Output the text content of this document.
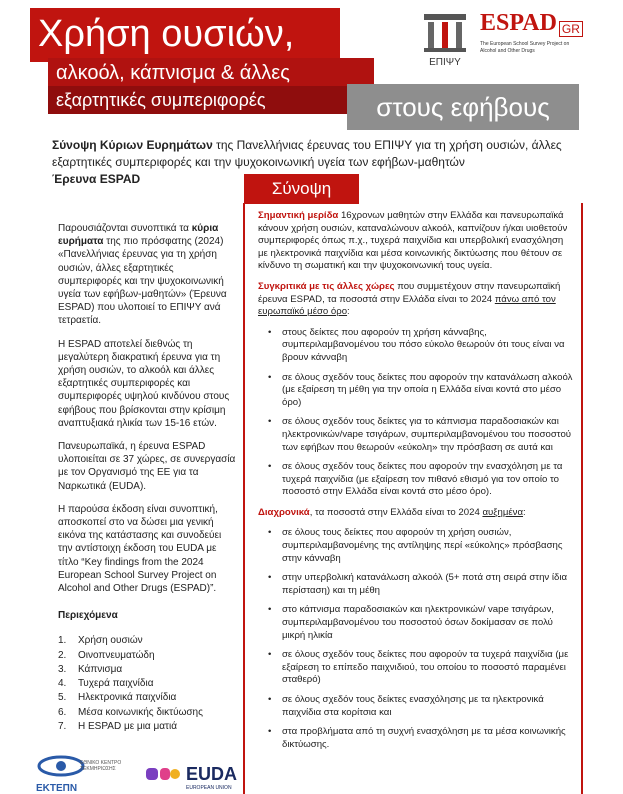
Χρήση ουσιών,
αλκοόλ, κάπνισμα & άλλες
εξαρτητικές συμπεριφορές	στους εφήβους
ΕΠΙΨΥ
ESPAD GR
The European School Survey Project on Alcohol and Other Drugs
Σύνοψη Κύριων Ευρημάτων της Πανελλήνιας έρευνας του ΕΠΙΨΥ για τη χρήση ουσιών, άλλες εξαρτητικές συμπεριφορές και την ψυχοκοινωνική υγεία των εφήβων-μαθητών
Έρευνα ESPAD	Σύνοψη

Παρουσιάζονται συνοπτικά τα κύρια ευρήματα της πιο πρόσφατης (2024) «Πανελλήνιας έρευνας για τη χρήση ουσιών, άλλες εξαρτητικές συμπεριφορές και την ψυχοκοινωνική υγεία των εφήβων-μαθητών» (Έρευνα ESPAD) που υλοποιεί το ΕΠΙΨΥ ανά τετραετία.

Η ESPAD αποτελεί διεθνώς τη μεγαλύτερη διακρατική έρευνα για τη χρήση ουσιών, το αλκοόλ και άλλες εξαρτητικές συμπεριφορές και συμπεριφορές υψηλού κινδύνου στους εφήβους που βρίσκονται στην κρίσιμη αναπτυξιακά ηλικία των 15-16 ετών.

Πανευρωπαϊκά, η έρευνα ESPAD υλοποιείται σε 37 χώρες, σε συνεργασία με τον Οργανισμό της ΕΕ για τα Ναρκωτικά (EUDA).

Η παρούσα έκδοση είναι συνοπτική, αποσκοπεί στο να δώσει μια γενική εικόνα της κατάστασης και συνοδεύει την αντίστοιχη έκδοση του EUDA με τίτλο “Key findings from the 2024 European School Survey Project on Alcohol and Other Drugs (ESPAD)”.

Περιεχόμενα
1.	Χρήση ουσιών
2.	Οινοπνευματώδη
3.	Κάπνισμα
4.	Τυχερά παιχνίδια
5.	Ηλεκτρονικά παιχνίδια
6.	Μέσα κοινωνικής δικτύωσης
7.	Η ESPAD με μια ματιά

Σημαντική μερίδα 16χρονων μαθητών στην Ελλάδα και πανευρωπαϊκά κάνουν χρήση ουσιών, καταναλώνουν αλκοόλ, καπνίζουν ή/και υιοθετούν συμπεριφορές όπως π.χ., τυχερά παιχνίδια και υπερβολική ενασχόληση με ηλεκτρονικά παιχνίδια και μέσα κοινωνικής δικτύωσης που θέτουν σε κίνδυνο τη σωματική και την ψυχοκοινωνική τους υγεία.

Συγκριτικά με τις άλλες χώρες που συμμετέχουν στην πανευρωπαϊκή έρευνα ESPAD, τα ποσοστά στην Ελλάδα είναι το 2024 πάνω από τον ευρωπαϊκό μέσο όρο:

• στους δείκτες που αφορούν τη χρήση κάνναβης, συμπεριλαμβανομένου του πόσο εύκολο θεωρούν ότι τους είναι να βρουν κάνναβη
• σε όλους σχεδόν τους δείκτες που αφορούν την κατανάλωση αλκοόλ (με εξαίρεση τη μέθη για την οποία η Ελλάδα είναι κοντά στο μέσο όρο)
• σε όλους σχεδόν τους δείκτες για το κάπνισμα παραδοσιακών και ηλεκτρονικών/vape τσιγάρων, συμπεριλαμβανομένου του ποσοστού των εφήβων που θεωρούν «εύκολη» την πρόσβαση σε αυτά και
• σε όλους σχεδόν τους δείκτες που αφορούν την ενασχόληση με τα τυχερά παιχνίδια (με εξαίρεση τον πιθανό εθισμό για τον οποίο το ποσοστό στην Ελλάδα είναι κοντά στο μέσο όρο).

Διαχρονικά, τα ποσοστά στην Ελλάδα είναι το 2024 αυξημένα:

• σε όλους τους δείκτες που αφορούν τη χρήση ουσιών, συμπεριλαμβανομένης της αντίληψης περί «εύκολης» πρόσβασης στην κάνναβη
• στην υπερβολική κατανάλωση αλκοόλ (5+ ποτά στη σειρά στην ίδια περίσταση) και τη μέθη
• στο κάπνισμα παραδοσιακών και ηλεκτρονικών/ vape τσιγάρων, συμπεριλαμβανομένου του ποσοστού όσων δοκίμασαν σε πολύ μικρή ηλικία
• σε όλους σχεδόν τους δείκτες που αφορούν τα τυχερά παιχνίδια (με εξαίρεση το επίπεδο παιχνιδιού, του οποίου το ποσοστό παραμένει σταθερό)
• σε όλους σχεδόν τους δείκτες ενασχόλησης με τα ηλεκτρονικά παιχνίδια στα κορίτσια και
• στα προβλήματα από τη συχνή ενασχόληση με τα μέσα κοινωνικής δικτύωσης.
ΕΚΤΕΠΝ
ΕΘΝΙΚΟ ΚΕΝΤΡΟ ΤΕΚΜΗΡΙΩΣΗΣ	EUDA
EUROPEAN UNION
